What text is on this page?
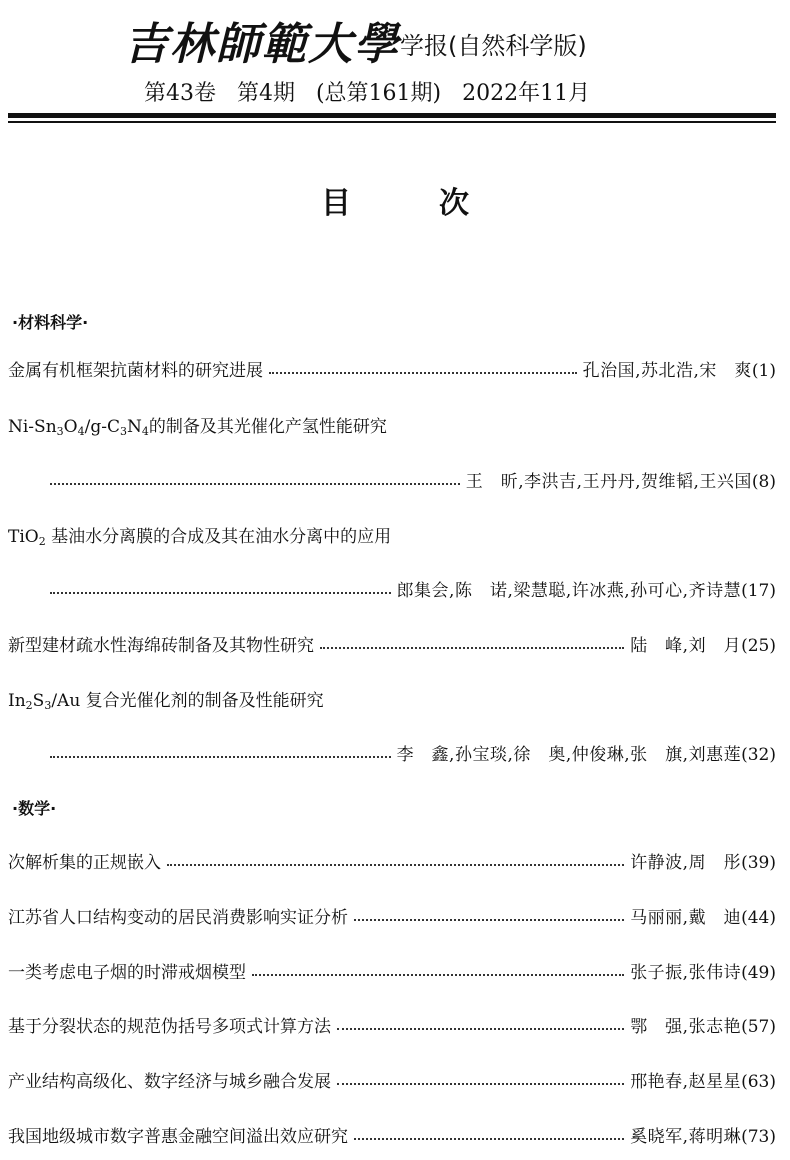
吉林師範大學 学报(自然科学版)
第43卷   第4期   (总第161期)   2022年11月
目次
·材料科学·
金属有机框架抗菌材料的研究进展	孔治国,苏北浩,宋　爽 (1)
$Ni-Sn_3O_4/g-C_3N_4$的制备及其光催化产氢性能研究
王　昕,李洪吉,王丹丹,贺维韬,王兴国 (8)
TiO$_2$ 基油水分离膜的合成及其在油水分离中的应用
郎集会,陈　诺,梁慧聪,许冰燕,孙可心,齐诗慧 (17)
新型建材疏水性海绵砖制备及其物性研究	陆　峰,刘　月 (25)
$In_2S_3/Au$ 复合光催化剂的制备及性能研究
李　鑫,孙宝琰,徐　奥,仲俊琳,张　旗,刘惠莲 (32)
·数学·
次解析集的正规嵌入	许静波,周　彤 (39)
江苏省人口结构变动的居民消费影响实证分析	马丽丽,戴　迪 (44)
一类考虑电子烟的时滞戒烟模型	张子振,张伟诗 (49)
基于分裂状态的规范伪括号多项式计算方法	鄂　强,张志艳 (57)
产业结构高级化、数字经济与城乡融合发展	邢艳春,赵星星 (63)
我国地级城市数字普惠金融空间溢出效应研究	奚晓军,蒋明琳 (73)
